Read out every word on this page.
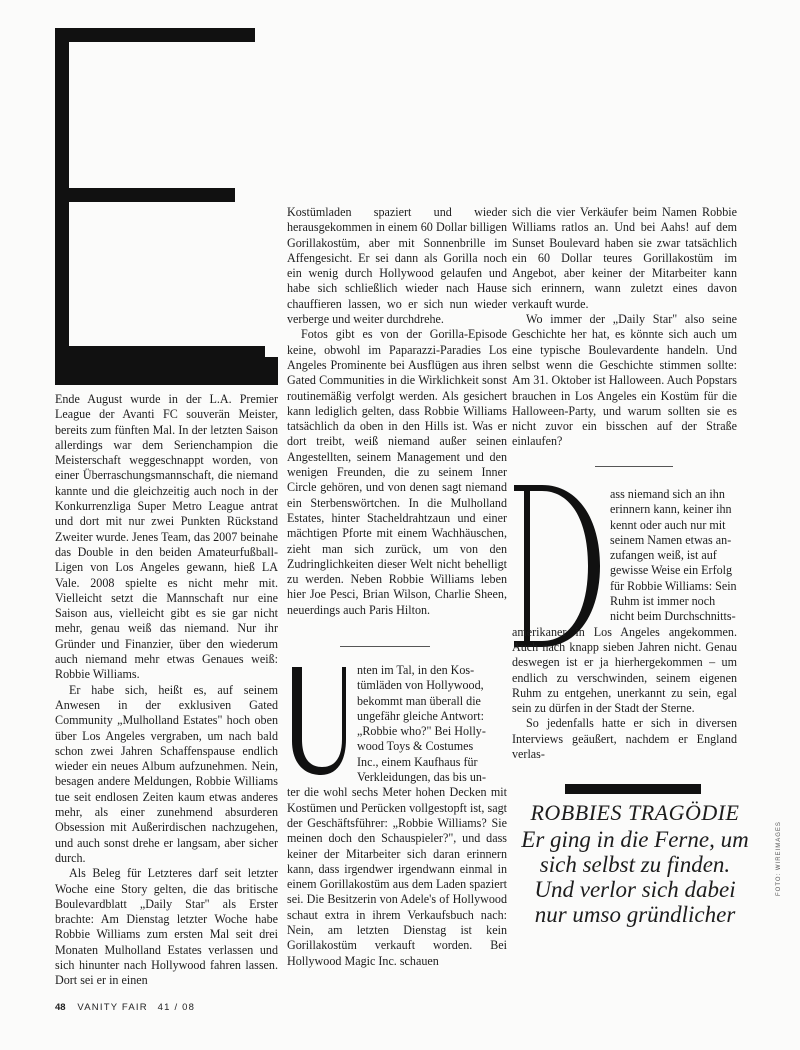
Ende August wurde in der L.A. Premier League der Avanti FC souverän Meister, bereits zum fünften Mal. In der letzten Saison allerdings war dem Serienchampion die Meisterschaft weggeschnappt worden, von einer Überraschungsmannschaft, die niemand kannte und die gleichzeitig auch noch in der Konkurrenzliga Super Metro League antrat und dort mit nur zwei Punkten Rückstand Zweiter wurde. Jenes Team, das 2007 beinahe das Double in den beiden Amateurfußball-Ligen von Los Angeles gewann, hieß LA Vale. 2008 spielte es nicht mehr mit. Vielleicht setzt die Mannschaft nur eine Saison aus, vielleicht gibt es sie gar nicht mehr, genau weiß das niemand. Nur ihr Gründer und Finanzier, über den wiederum auch niemand mehr etwas Genaues weiß: Robbie Williams.

Er habe sich, heißt es, auf seinem Anwesen in der exklusiven Gated Community „Mulholland Estates" hoch oben über Los Angeles vergraben, um nach bald schon zwei Jahren Schaffenspause endlich wieder ein neues Album aufzunehmen. Nein, besagen andere Meldungen, Robbie Williams tue seit endlosen Zeiten kaum etwas anderes mehr, als einer zunehmend absurderen Obsession mit Außerirdischen nachzugehen, und auch sonst drehe er langsam, aber sicher durch.

Als Beleg für Letzteres darf seit letzter Woche eine Story gelten, die das britische Boulevardblatt „Daily Star" als Erster brachte: Am Dienstag letzter Woche habe Robbie Williams zum ersten Mal seit drei Monaten Mulholland Estates verlassen und sich hinunter nach Hollywood fahren lassen. Dort sei er in einen

Kostümladen spaziert und wieder herausgekommen in einem 60 Dollar billigen Gorillakostüm, aber mit Sonnenbrille im Affengesicht. Er sei dann als Gorilla noch ein wenig durch Hollywood gelaufen und habe sich schließlich wieder nach Hause chauffieren lassen, wo er sich nun wieder verberge und weiter durchdrehe.

Fotos gibt es von der Gorilla-Episode keine, obwohl im Paparazzi-Paradies Los Angeles Prominente bei Ausflügen aus ihren Gated Communities in die Wirklichkeit sonst routinemäßig verfolgt werden. Als gesichert kann lediglich gelten, dass Robbie Williams tatsächlich da oben in den Hills ist. Was er dort treibt, weiß niemand außer seinen Angestellten, seinem Management und den wenigen Freunden, die zu seinem Inner Circle gehören, und von denen sagt niemand ein Sterbenswörtchen. In die Mulholland Estates, hinter Stacheldrahtzaun und einer mächtigen Pforte mit einem Wachhäuschen, zieht man sich zurück, um von den Zudringlichkeiten dieser Welt nicht behelligt zu werden. Neben Robbie Williams leben hier Joe Pesci, Brian Wilson, Charlie Sheen, neuerdings auch Paris Hilton.

nten im Tal, in den Kos-
tümläden von Hollywood,
bekommt man überall die
ungefähr gleiche Antwort:
„Robbie who?" Bei Holly-
wood Toys & Costumes
Inc., einem Kaufhaus für
Verkleidungen, das bis un-

ter die wohl sechs Meter hohen Decken mit Kostümen und Perücken vollgestopft ist, sagt der Geschäftsführer: „Robbie Williams? Sie meinen doch den Schauspieler?", und dass keiner der Mitarbeiter sich daran erinnern kann, dass irgendwer irgendwann einmal in einem Gorillakostüm aus dem Laden spaziert sei. Die Besitzerin von Adele's of Hollywood schaut extra in ihrem Verkaufsbuch nach: Nein, am letzten Dienstag ist kein Gorillakostüm verkauft worden. Bei Hollywood Magic Inc. schauen

sich die vier Verkäufer beim Namen Robbie Williams ratlos an. Und bei Aahs! auf dem Sunset Boulevard haben sie zwar tatsächlich ein 60 Dollar teures Gorillakostüm im Angebot, aber keiner der Mitarbeiter kann sich erinnern, wann zuletzt eines davon verkauft wurde.

Wo immer der „Daily Star" also seine Geschichte her hat, es könnte sich auch um eine typische Boulevardente handeln. Und selbst wenn die Geschichte stimmen sollte: Am 31. Oktober ist Halloween. Auch Popstars brauchen in Los Angeles ein Kostüm für die Halloween-Party, und warum sollten sie es nicht zuvor ein bisschen auf der Straße einlaufen?

ass niemand sich an ihn
erinnern kann, keiner ihn
kennt oder auch nur mit
seinem Namen etwas an-
zufangen weiß, ist auf
gewisse Weise ein Erfolg
für Robbie Williams: Sein
Ruhm ist immer noch
nicht beim Durchschnitts-

amerikaner in Los Angeles angekommen. Auch nach knapp sieben Jahren nicht. Genau deswegen ist er ja hierhergekommen – um endlich zu verschwinden, seinem eigenen Ruhm zu entgehen, unerkannt zu sein, egal sein zu dürfen in der Stadt der Sterne.

So jedenfalls hatte er sich in diversen Interviews geäußert, nachdem er England verlas-

ROBBIES TRAGÖDIE
Er ging in die Ferne, um sich selbst zu finden. Und verlor sich dabei nur umso gründlicher
FOTO: WIREIMAGES
48 VANITY FAIR 41 / 08
